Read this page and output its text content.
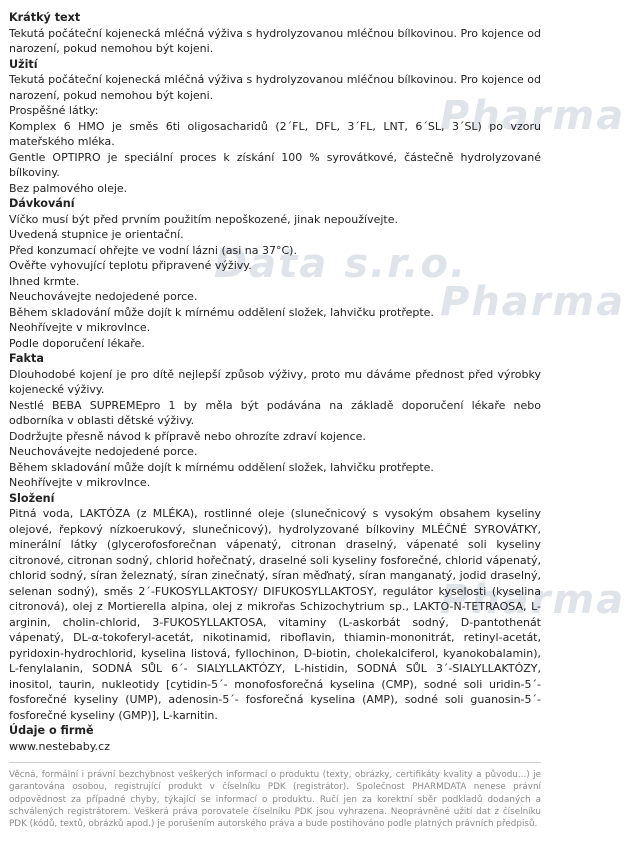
Pharma
Data s.r.o.
Pharma
Pharma
Krátký text

Tekutá počáteční kojenecká mléčná výživa s hydrolyzovanou mléčnou bílkovinou. Pro kojence od narození, pokud nemohou být kojeni.

Užití

Tekutá počáteční kojenecká mléčná výživa s hydrolyzovanou mléčnou bílkovinou. Pro kojence od narození, pokud nemohou být kojeni.

Prospěšné látky:

Komplex 6 HMO je směs 6ti oligosacharidů (2´FL, DFL, 3´FL, LNT, 6´SL, 3´SL) po vzoru mateřského mléka.

Gentle OPTIPRO je speciální proces k získání 100 % syrovátkové, částečně hydrolyzované bílkoviny.

Bez palmového oleje.

Dávkování

Víčko musí být před prvním použitím nepoškozené, jinak nepoužívejte.

Uvedená stupnice je orientační.

Před konzumací ohřejte ve vodní lázni (asi na 37°C).

Ověřte vyhovující teplotu připravené výživy.

Ihned krmte.

Neuchovávejte nedojedené porce.

Během skladování může dojít k mírnému oddělení složek, lahvičku protřepte.

Neohřívejte v mikrovlnce.

Podle doporučení lékaře.

Fakta

Dlouhodobé kojení je pro dítě nejlepší způsob výživy, proto mu dáváme přednost před výrobky kojenecké výživy.

Nestlé BEBA SUPREMEpro 1 by měla být podávána na základě doporučení lékaře nebo odborníka v oblasti dětské výživy.

Dodržujte přesně návod k přípravě nebo ohrozíte zdraví kojence.

Neuchovávejte nedojedené porce.

Během skladování může dojít k mírnému oddělení složek, lahvičku protřepte.

Neohřívejte v mikrovlnce.

Složení

Pitná voda, LAKTÓZA (z MLÉKA), rostlinné oleje (slunečnicový s vysokým obsahem kyseliny olejové, řepkový nízkoerukový, slunečnicový), hydrolyzované bílkoviny MLÉČNÉ SYROVÁTKY, minerální látky (glycerofosforečnan vápenatý, citronan draselný, vápenaté soli kyseliny citronové, citronan sodný, chlorid hořečnatý, draselné soli kyseliny fosforečné, chlorid vápenatý, chlorid sodný, síran železnatý, síran zinečnatý, síran měďnatý, síran manganatý, jodid draselný, selenan sodný), směs 2´-FUKOSYLLAKTOSY/ DIFUKOSYLLAKTOSY, regulátor kyselosti (kyselina citronová), olej z Mortierella alpina, olej z mikrořas Schizochytrium sp., LAKTO-N-TETRAOSA, L-arginin, cholin-chlorid, 3-FUKOSYLLAKTOSA, vitaminy (L-askorbát sodný, D-pantothenát vápenatý, DL-⍺-tokoferyl-acetát, nikotinamid, riboflavin, thiamin-mononitrát, retinyl-acetát, pyridoxin-hydrochlorid, kyselina listová, fyllochinon, D-biotin, cholekalciferol, kyanokobalamin), L-fenylalanin, SODNÁ SŮL 6´- SIALYLLAKTÓZY, L-histidin, SODNÁ SŮL 3´-SIALYLLAKTÓZY, inositol, taurin, nukleotidy [cytidin-5´- monofosforečná kyselina (CMP), sodné soli uridin-5´-fosforečné kyseliny (UMP), adenosin-5´- fosforečná kyselina (AMP), sodné soli guanosin-5´-fosforečné kyseliny (GMP)], L-karnitin.

Údaje o firmě

www.nestebaby.cz

Věcná, formální i právní bezchybnost veškerých informací o produktu (texty, obrázky, certifikáty kvality a původu...) je garantována osobou, registrující produkt v číselníku PDK (registrátor). Společnost PHARMDATA nenese právní odpovědnost za případné chyby, týkající se informací o produktu. Ručí jen za korektní sběr podkladů dodaných a schválených registrátorem. Veškerá práva porovatele číselníku PDK jsou vyhrazena. Neoprávněné užití dat z číselníku PDK (kódů, textů, obrázků apod.) je porušením autorského práva a bude postihováno podle platných právních předpisů.
